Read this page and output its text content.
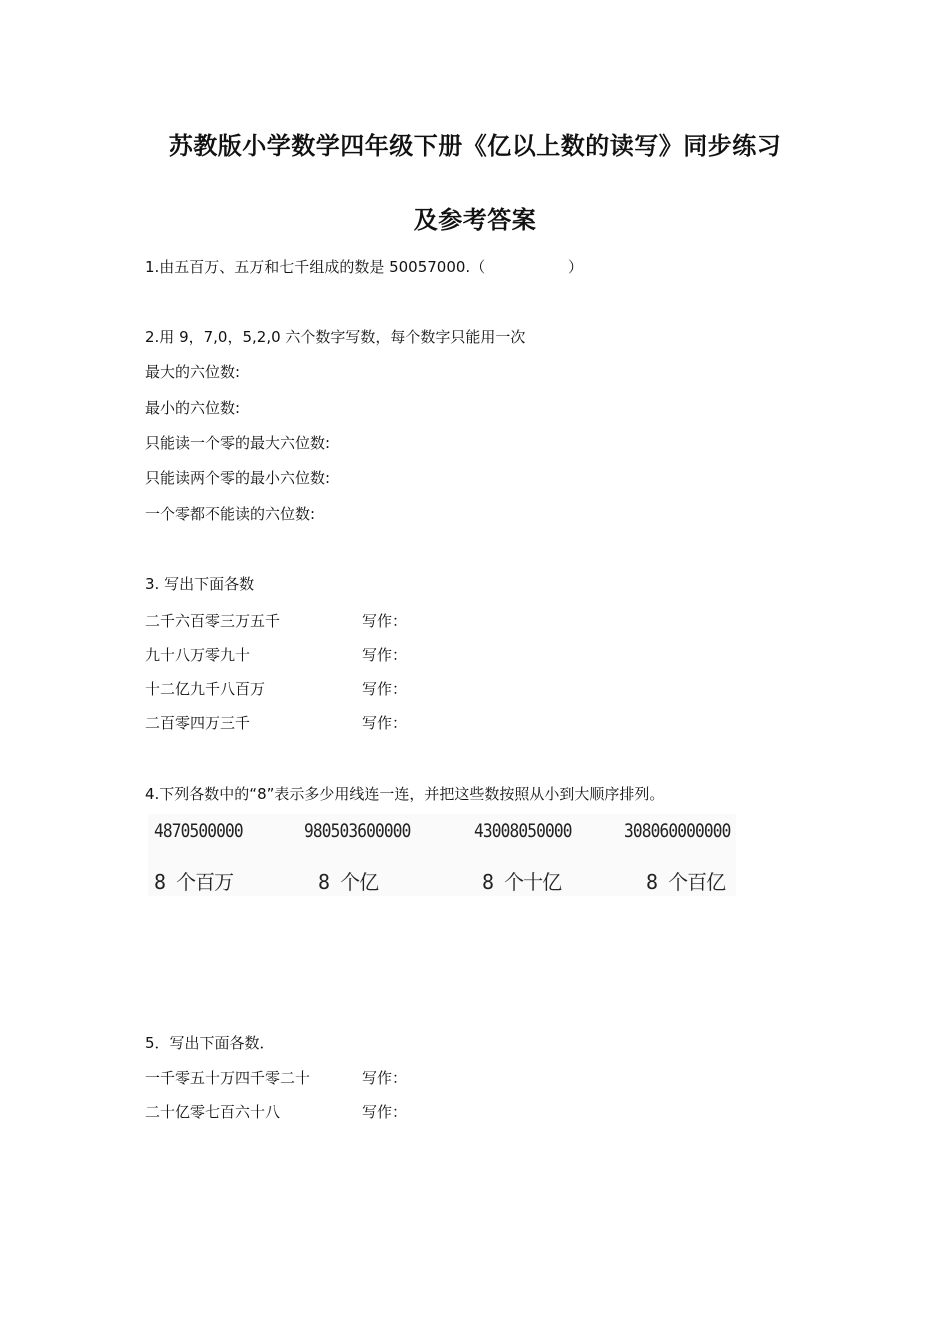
苏教版小学数学四年级下册《亿以上数的读写》同步练习
及参考答案
1.由五百万、五万和七千组成的数是 50057000.（	）
2.用 9，7,0，5,2,0 六个数字写数，每个数字只能用一次
最大的六位数:
最小的六位数:
只能读一个零的最大六位数:
只能读两个零的最小六位数:
一个零都不能读的六位数:
3. 写出下面各数
二千六百零三万五千	写作：
九十八万零九十	写作：
十二亿九千八百万	写作：
二百零四万三千	写作：
4.下列各数中的“8”表示多少用线连一连，并把这些数按照从小到大顺序排列。
4870500000	980503600000	43008050000	308060000000
8 个百万	8 个亿	8 个十亿	8 个百亿
5．写出下面各数．
一千零五十万四千零二十	写作：
二十亿零七百六十八	写作：
